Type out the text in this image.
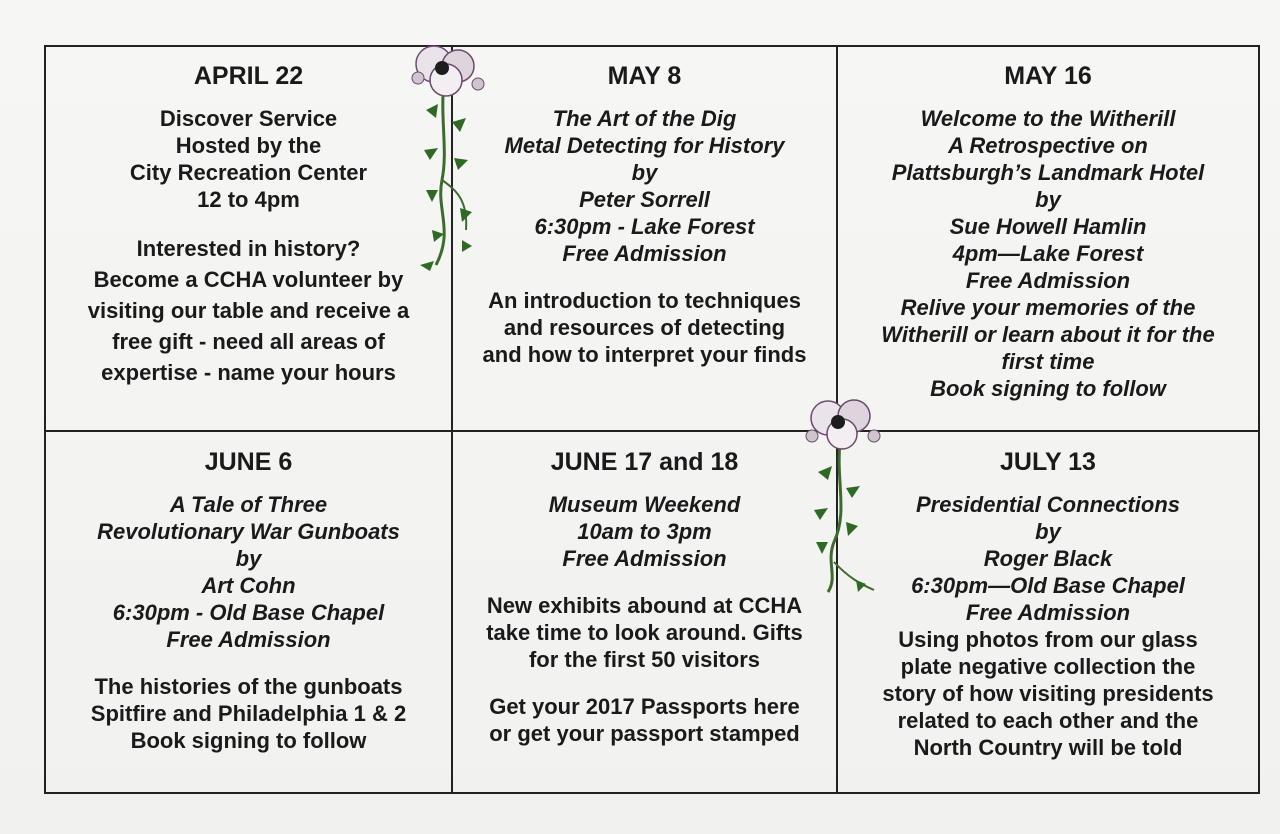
APRIL 22
Discover Service
Hosted by the
City Recreation Center
12 to 4pm
Interested in history?
Become a CCHA volunteer by
visiting our table and receive a
free gift - need all areas of
expertise - name your hours
MAY 8
The Art of the Dig
Metal Detecting for History
by
Peter Sorrell
6:30pm - Lake Forest
Free Admission
An introduction to techniques
and resources of detecting
and how to interpret your finds
MAY 16
Welcome to the Witherill
A Retrospective on
Plattsburgh’s Landmark Hotel
by
Sue Howell Hamlin
4pm—Lake Forest
Free Admission
Relive your memories of the
Witherill or learn about it for the
first time
Book signing to follow
JUNE 6
A Tale of Three
Revolutionary War Gunboats
by
Art Cohn
6:30pm - Old Base Chapel
Free Admission
The histories of the gunboats
Spitfire and Philadelphia 1 & 2
Book signing to follow
JUNE 17 and 18
Museum Weekend
10am to 3pm
Free Admission
New exhibits abound at CCHA
take time to look around. Gifts
for the first 50 visitors
Get your 2017 Passports here
or get your passport stamped
JULY 13
Presidential Connections
by
Roger Black
6:30pm—Old Base Chapel
Free Admission
Using photos from our glass
plate negative collection the
story of how visiting presidents
related to each other and the
North Country will be told
